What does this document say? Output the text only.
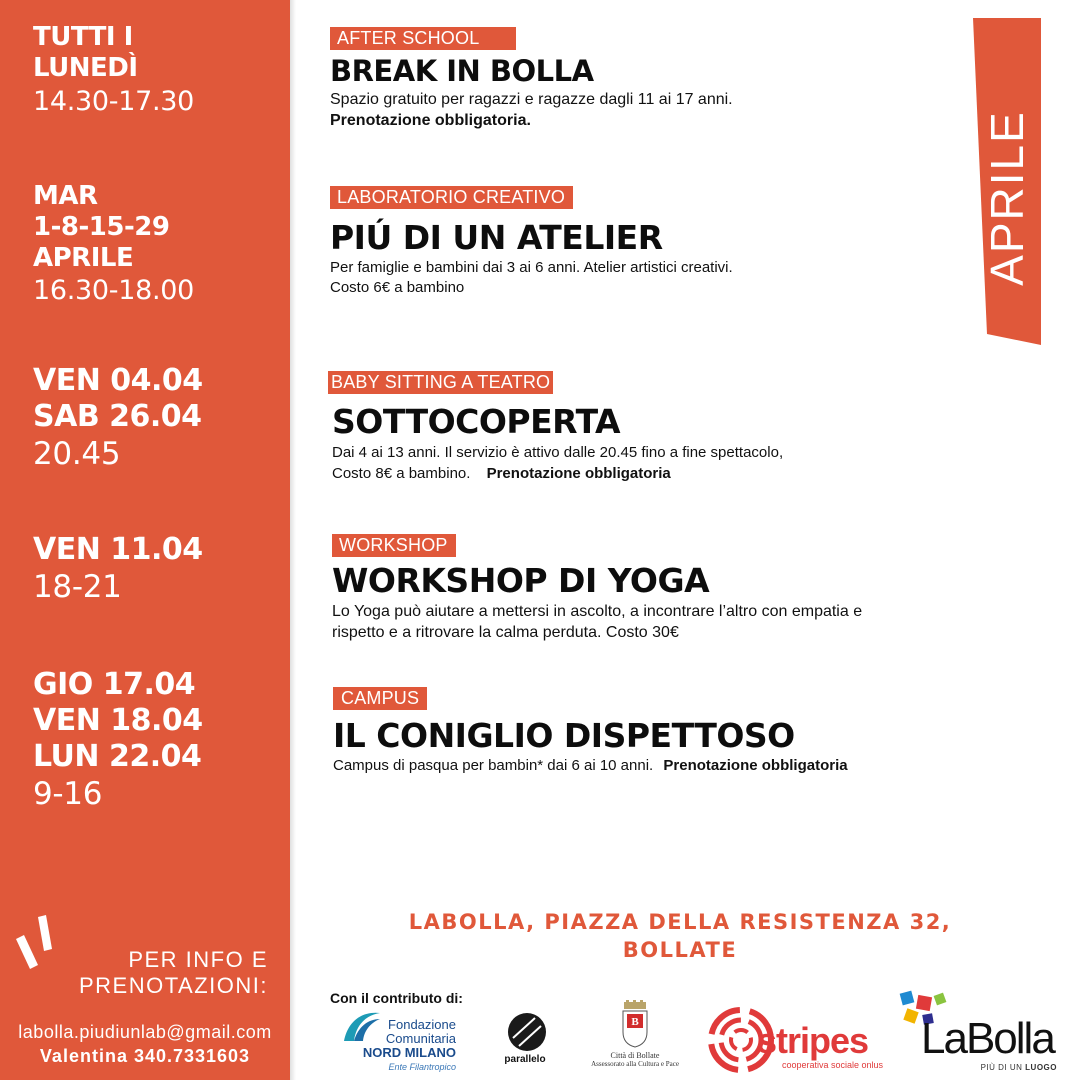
TUTTI I
LUNEDÌ
14.30-17.30
MAR
1-8-15-29
APRILE
16.30-18.00
VEN 04.04
SAB 26.04
20.45
VEN 11.04
18-21
GIO 17.04
VEN 18.04
LUN 22.04
9-16
PER INFO E
PRENOTAZIONI:
labolla.piudiunlab@gmail.com
Valentina 340.7331603
AFTER SCHOOL
BREAK IN BOLLA
Spazio gratuito per ragazzi e ragazze dagli 11 ai 17 anni.
Prenotazione obbligatoria.
LABORATORIO CREATIVO
PIÚ DI UN ATELIER
Per famiglie e bambini dai 3 ai 6 anni. Atelier artistici creativi.
Costo 6€ a bambino
BABY SITTING A TEATRO
SOTTOCOPERTA
Dai 4 ai 13 anni. Il servizio è attivo dalle 20.45 fino a fine spettacolo,
Costo 8€ a bambino. Prenotazione obbligatoria
WORKSHOP
WORKSHOP DI YOGA
Lo Yoga può aiutare a mettersi in ascolto, a incontrare l’altro con empatia e
rispetto e a ritrovare la calma perduta. Costo 30€
CAMPUS
IL CONIGLIO DISPETTOSO
Campus di pasqua per bambin* dai 6 ai 10 anni. Prenotazione obbligatoria
APRILE
LABOLLA, PIAZZA DELLA RESISTENZA 32,
BOLLATE
Con il contributo di:
Fondazione
Comunitaria
NORD MILANO
Ente Filantropico
parallelo
B
Città di Bollate
Assessorato alla Cultura e Pace
stripes
cooperativa sociale onlus
LaBolla
PIÙ DI UN LUOGO
